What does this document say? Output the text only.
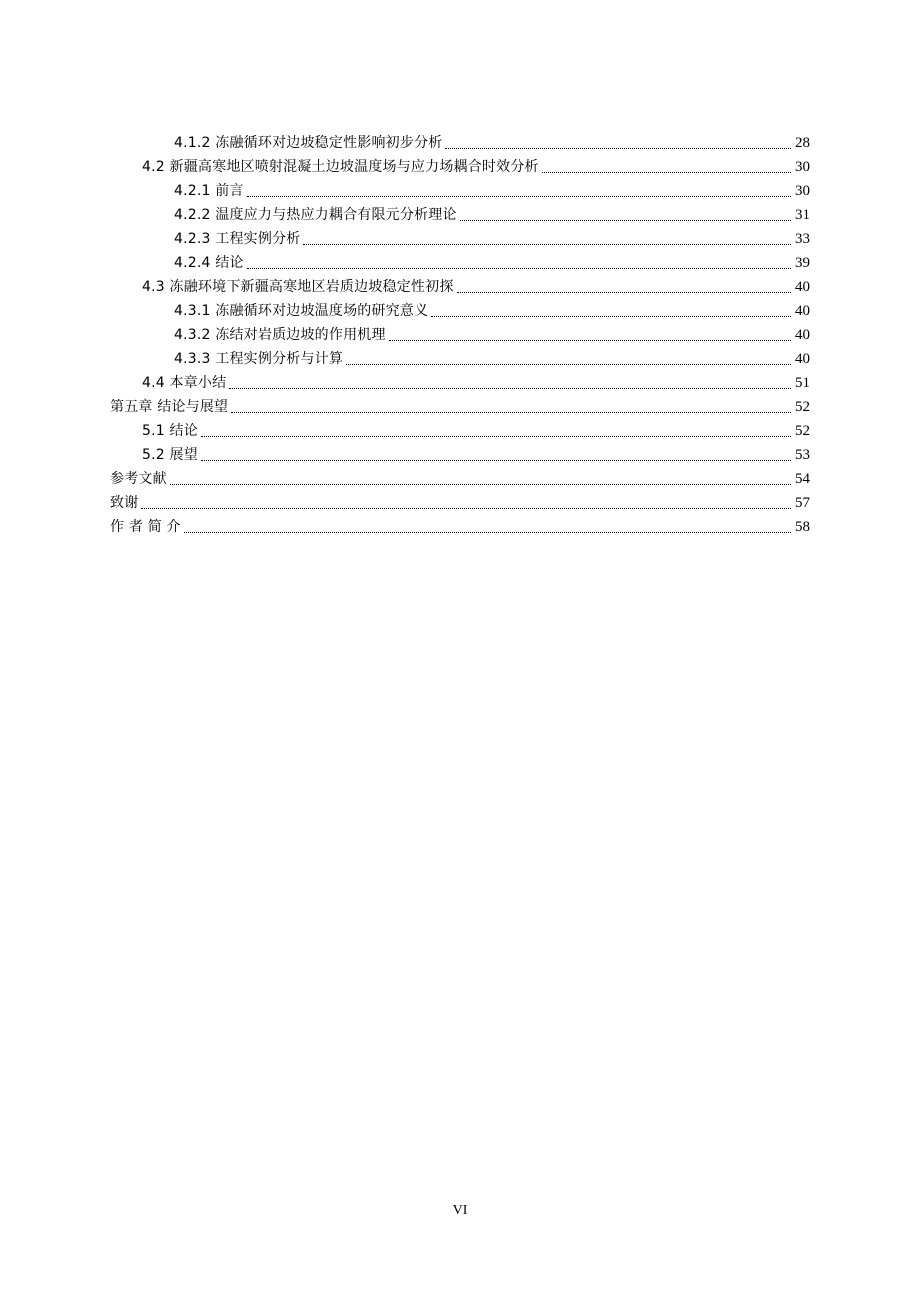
4.1.2 冻融循环对边坡稳定性影响初步分析	28
4.2 新疆高寒地区喷射混凝土边坡温度场与应力场耦合时效分析	30
4.2.1 前言	30
4.2.2 温度应力与热应力耦合有限元分析理论	31
4.2.3 工程实例分析	33
4.2.4 结论	39
4.3 冻融环境下新疆高寒地区岩质边坡稳定性初探	40
4.3.1 冻融循环对边坡温度场的研究意义	40
4.3.2 冻结对岩质边坡的作用机理	40
4.3.3 工程实例分析与计算	40
4.4 本章小结	51
第五章 结论与展望	52
5.1 结论	52
5.2 展望	53
参考文献	54
致谢	57
作 者 简 介	58
VI
